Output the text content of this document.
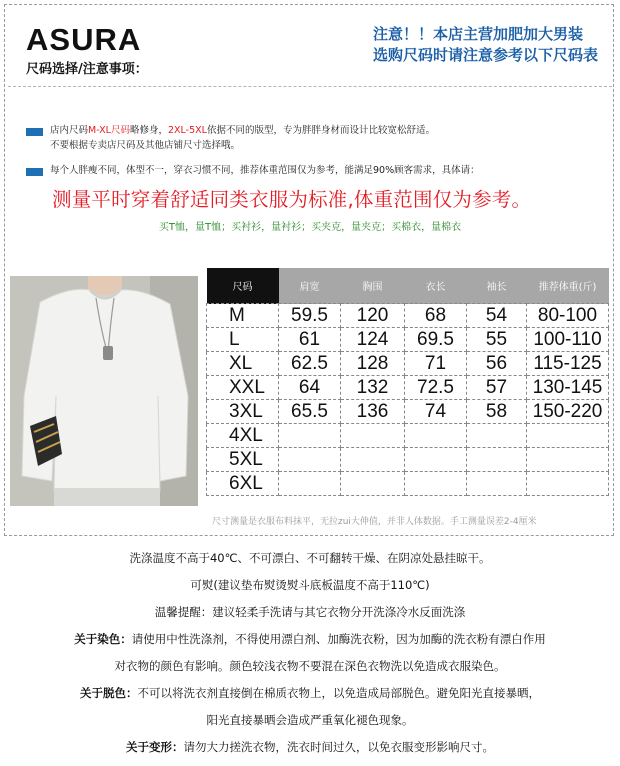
ASURA
尺码选择/注意事项：
注意！！本店主营加肥加大男装
选购尺码时请注意参考以下尺码表
店内尺码M-XL尺码略修身，2XL-5XL依据不同的版型，专为胖胖身材而设计比较宽松舒适。
不要根据专卖店尺码及其他店铺尺寸选择哦。
每个人胖瘦不同，体型不一，穿衣习惯不同，推荐体重范围仅为参考，能满足90%顾客需求，具体请：
测量平时穿着舒适同类衣服为标准,体重范围仅为参考。
买T恤，量T恤；买衬衫，量衬衫；买夹克，量夹克；买棉衣，量棉衣
尺码	肩宽	胸围	衣长	袖长	推荐体重(斤)
M	59.5	120	68	54	80-100
L	61	124	69.5	55	100-110
XL	62.5	128	71	56	115-125
XXL	64	132	72.5	57	130-145
3XL	65.5	136	74	58	150-220
4XL					
5XL					
6XL					
尺寸测量是衣服布料抹平，无拉zui大伸值，并非人体数据。手工测量误差2-4厘米
洗涤温度不高于40℃、不可漂白、不可翻转干燥、在阴凉处悬挂晾干。
可熨(建议垫布熨烫熨斗底板温度不高于110℃)
温馨提醒：建议轻柔手洗请与其它衣物分开洗涤冷水反面洗涤
关于染色：请使用中性洗涤剂，不得使用漂白剂、加酶洗衣粉，因为加酶的洗衣粉有漂白作用
对衣物的颜色有影响。颜色较浅衣物不要混在深色衣物洗以免造成衣服染色。
关于脱色：不可以将洗衣剂直接倒在棉质衣物上，以免造成局部脱色。避免阳光直接暴晒，
阳光直接暴晒会造成严重氧化褪色现象。
关于变形：请勿大力搓洗衣物，洗衣时间过久，以免衣服变形影响尺寸。
